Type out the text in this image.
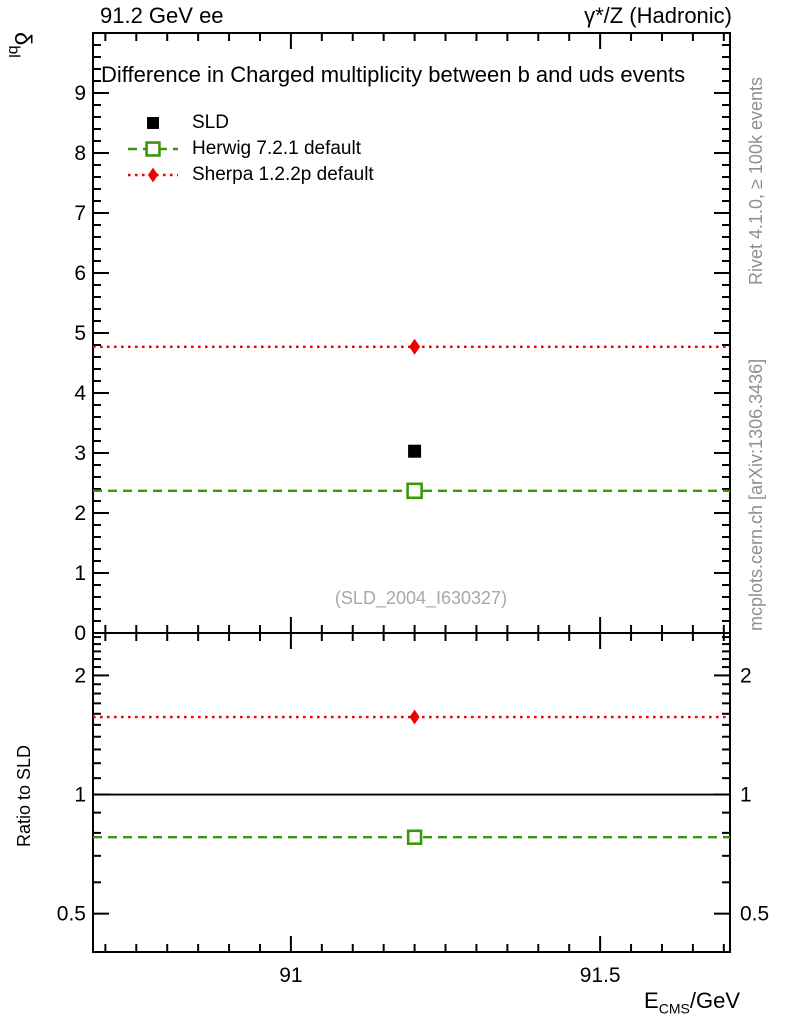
91.2 GeV ee	γ*/Z (Hadronic)
$\delta_{bl}$
Rivet 4.1.0, ≥ 100k events
mcplots.cern.ch [arXiv:1306.3436]
Ratio to SLD
91	91.5
0
1
2
3
4
5
6
7
8
9
0.5	0.5
1	1
2	2
Difference in Charged multiplicity between b and uds events
SLD
Herwig 7.2.1 default
Sherpa 1.2.2p default
(SLD_2004_I630327)
$E_{CMS}$/GeV
